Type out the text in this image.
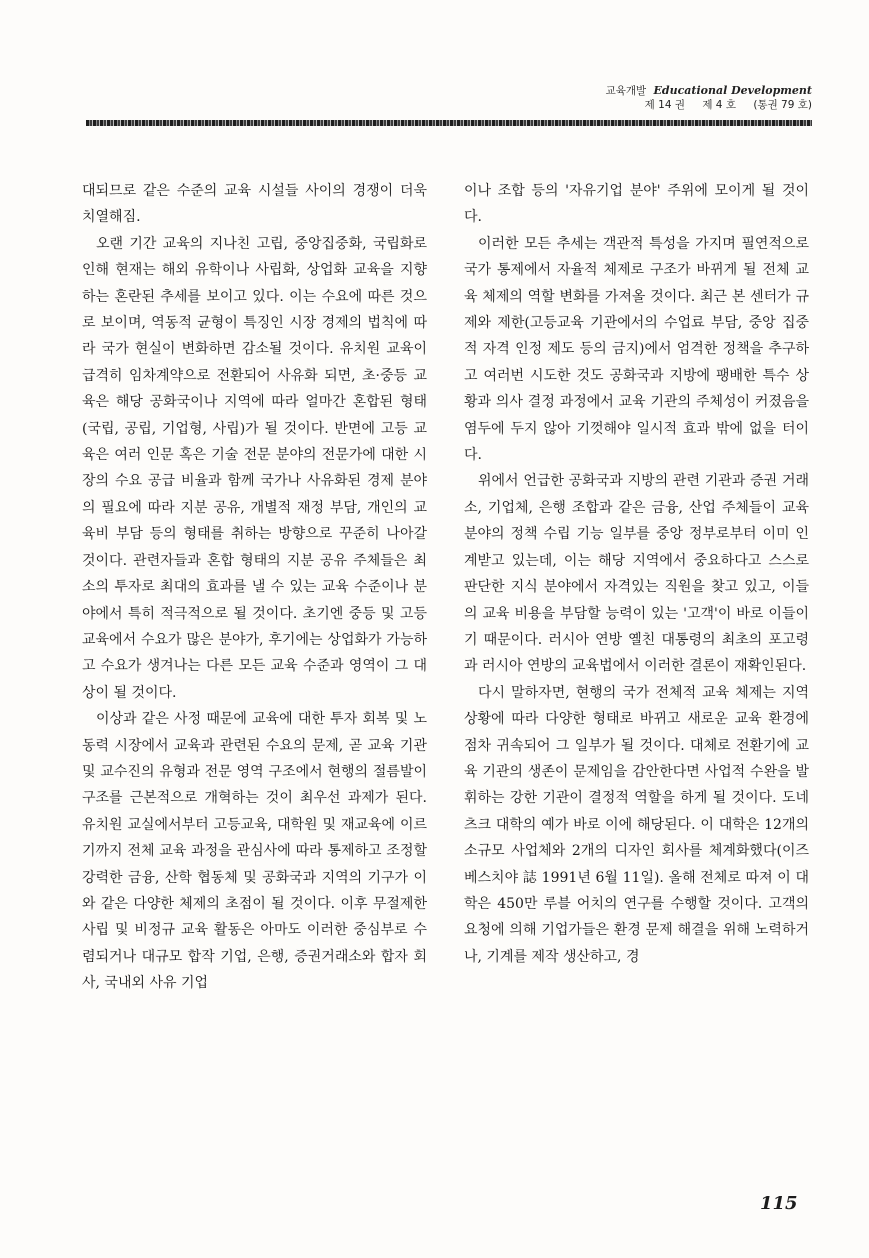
교육개발 Educational Development
제 14 권 제 4 호 (통권 79 호)

대되므로 같은 수준의 교육 시설들 사이의 경쟁이 더욱 치열해짐.

오랜 기간 교육의 지나친 고립, 중앙집중화, 국립화로 인해 현재는 해외 유학이나 사립화, 상업화 교육을 지향하는 혼란된 추세를 보이고 있다. 이는 수요에 따른 것으로 보이며, 역동적 균형이 특징인 시장 경제의 법칙에 따라 국가 현실이 변화하면 감소될 것이다. 유치원 교육이 급격히 임차계약으로 전환되어 사유화 되면, 초·중등 교육은 해당 공화국이나 지역에 따라 얼마간 혼합된 형태(국립, 공립, 기업형, 사립)가 될 것이다. 반면에 고등 교육은 여러 인문 혹은 기술 전문 분야의 전문가에 대한 시장의 수요 공급 비율과 함께 국가나 사유화된 경제 분야의 필요에 따라 지분 공유, 개별적 재정 부담, 개인의 교육비 부담 등의 형태를 취하는 방향으로 꾸준히 나아갈 것이다. 관련자들과 혼합 형태의 지분 공유 주체들은 최소의 투자로 최대의 효과를 낼 수 있는 교육 수준이나 분야에서 특히 적극적으로 될 것이다. 초기엔 중등 및 고등 교육에서 수요가 많은 분야가, 후기에는 상업화가 가능하고 수요가 생겨나는 다른 모든 교육 수준과 영역이 그 대상이 될 것이다.

이상과 같은 사정 때문에 교육에 대한 투자 회복 및 노동력 시장에서 교육과 관련된 수요의 문제, 곧 교육 기관 및 교수진의 유형과 전문 영역 구조에서 현행의 절름발이 구조를 근본적으로 개혁하는 것이 최우선 과제가 된다. 유치원 교실에서부터 고등교육, 대학원 및 재교육에 이르기까지 전체 교육 과정을 관심사에 따라 통제하고 조정할 강력한 금융, 산학 협동체 및 공화국과 지역의 기구가 이와 같은 다양한 체제의 초점이 될 것이다. 이후 무절제한 사립 및 비정규 교육 활동은 아마도 이러한 중심부로 수렴되거나 대규모 합작 기업, 은행, 증권거래소와 합자 회사, 국내외 사유 기업

이나 조합 등의 '자유기업 분야' 주위에 모이게 될 것이다.

이러한 모든 추세는 객관적 특성을 가지며 필연적으로 국가 통제에서 자율적 체제로 구조가 바뀌게 될 전체 교육 체제의 역할 변화를 가져올 것이다. 최근 본 센터가 규제와 제한(고등교육 기관에서의 수업료 부담, 중앙 집중적 자격 인정 제도 등의 금지)에서 엄격한 정책을 추구하고 여러번 시도한 것도 공화국과 지방에 팽배한 특수 상황과 의사 결정 과정에서 교육 기관의 주체성이 커졌음을 염두에 두지 않아 기껏해야 일시적 효과 밖에 없을 터이다.

위에서 언급한 공화국과 지방의 관련 기관과 증권 거래소, 기업체, 은행 조합과 같은 금융, 산업 주체들이 교육 분야의 정책 수립 기능 일부를 중앙 정부로부터 이미 인계받고 있는데, 이는 해당 지역에서 중요하다고 스스로 판단한 지식 분야에서 자격있는 직원을 찾고 있고, 이들의 교육 비용을 부담할 능력이 있는 '고객'이 바로 이들이기 때문이다. 러시아 연방 옐친 대통령의 최초의 포고령과 러시아 연방의 교육법에서 이러한 결론이 재확인된다.

다시 말하자면, 현행의 국가 전체적 교육 체제는 지역 상황에 따라 다양한 형태로 바뀌고 새로운 교육 환경에 점차 귀속되어 그 일부가 될 것이다. 대체로 전환기에 교육 기관의 생존이 문제임을 감안한다면 사업적 수완을 발휘하는 강한 기관이 결정적 역할을 하게 될 것이다. 도네츠크 대학의 예가 바로 이에 해당된다. 이 대학은 12개의 소규모 사업체와 2개의 디자인 회사를 체계화했다(이즈베스치야 誌 1991년 6월 11일). 올해 전체로 따져 이 대학은 450만 루블 어치의 연구를 수행할 것이다. 고객의 요청에 의해 기업가들은 환경 문제 해결을 위해 노력하거나, 기계를 제작 생산하고, 경

115
